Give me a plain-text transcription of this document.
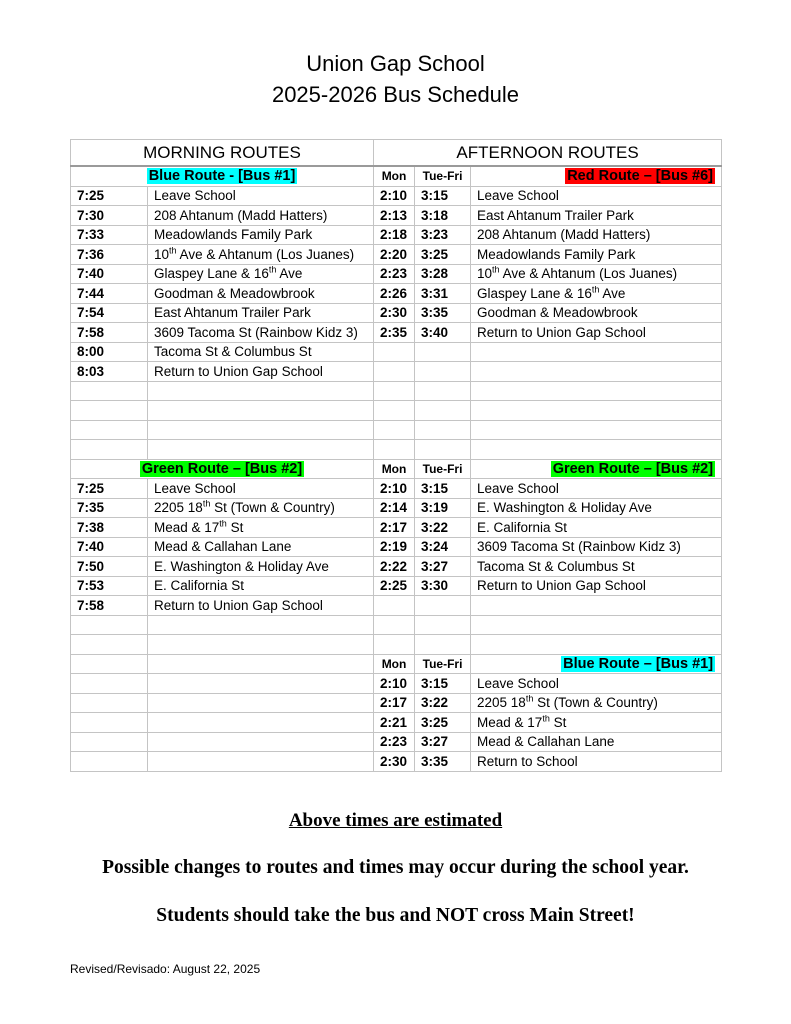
Union Gap School
2025-2026 Bus Schedule
MORNING ROUTES		AFTERNOON ROUTES		
Blue Route - [Bus #1]		Mon	Tue-Fri	Red Route – [Bus #6]
7:25	Leave School	2:10	3:15	Leave School
7:30	208 Ahtanum (Madd Hatters)	2:13	3:18	East Ahtanum Trailer Park
7:33	Meadowlands Family Park	2:18	3:23	208 Ahtanum (Madd Hatters)
7:36	10th Ave & Ahtanum (Los Juanes)	2:20	3:25	Meadowlands Family Park
7:40	Glaspey Lane & 16th Ave	2:23	3:28	10th Ave & Ahtanum (Los Juanes)
7:44	Goodman & Meadowbrook	2:26	3:31	Glaspey Lane & 16th Ave
7:54	East Ahtanum Trailer Park	2:30	3:35	Goodman & Meadowbrook
7:58	3609 Tacoma St (Rainbow Kidz 3)	2:35	3:40	Return to Union Gap School
8:00	Tacoma St & Columbus St			
8:03	Return to Union Gap School			

Green Route – [Bus #2]		Mon	Tue-Fri	Green Route – [Bus #2]
7:25	Leave School	2:10	3:15	Leave School
7:35	2205 18th St (Town & Country)	2:14	3:19	E. Washington & Holiday Ave
7:38	Mead & 17th St	2:17	3:22	E. California St
7:40	Mead & Callahan Lane	2:19	3:24	3609 Tacoma St (Rainbow Kidz 3)
7:50	E. Washington & Holiday Ave	2:22	3:27	Tacoma St & Columbus St
7:53	E. California St	2:25	3:30	Return to Union Gap School
7:58	Return to Union Gap School			

		Mon	Tue-Fri	Blue Route – [Bus #1]
		2:10	3:15	Leave School
		2:17	3:22	2205 18th St (Town & Country)
		2:21	3:25	Mead & 17th St
		2:23	3:27	Mead & Callahan Lane
		2:30	3:35	Return to School
Above times are estimated
Possible changes to routes and times may occur during the school year.
Students should take the bus and NOT cross Main Street!
Revised/Revisado: August 22, 2025
